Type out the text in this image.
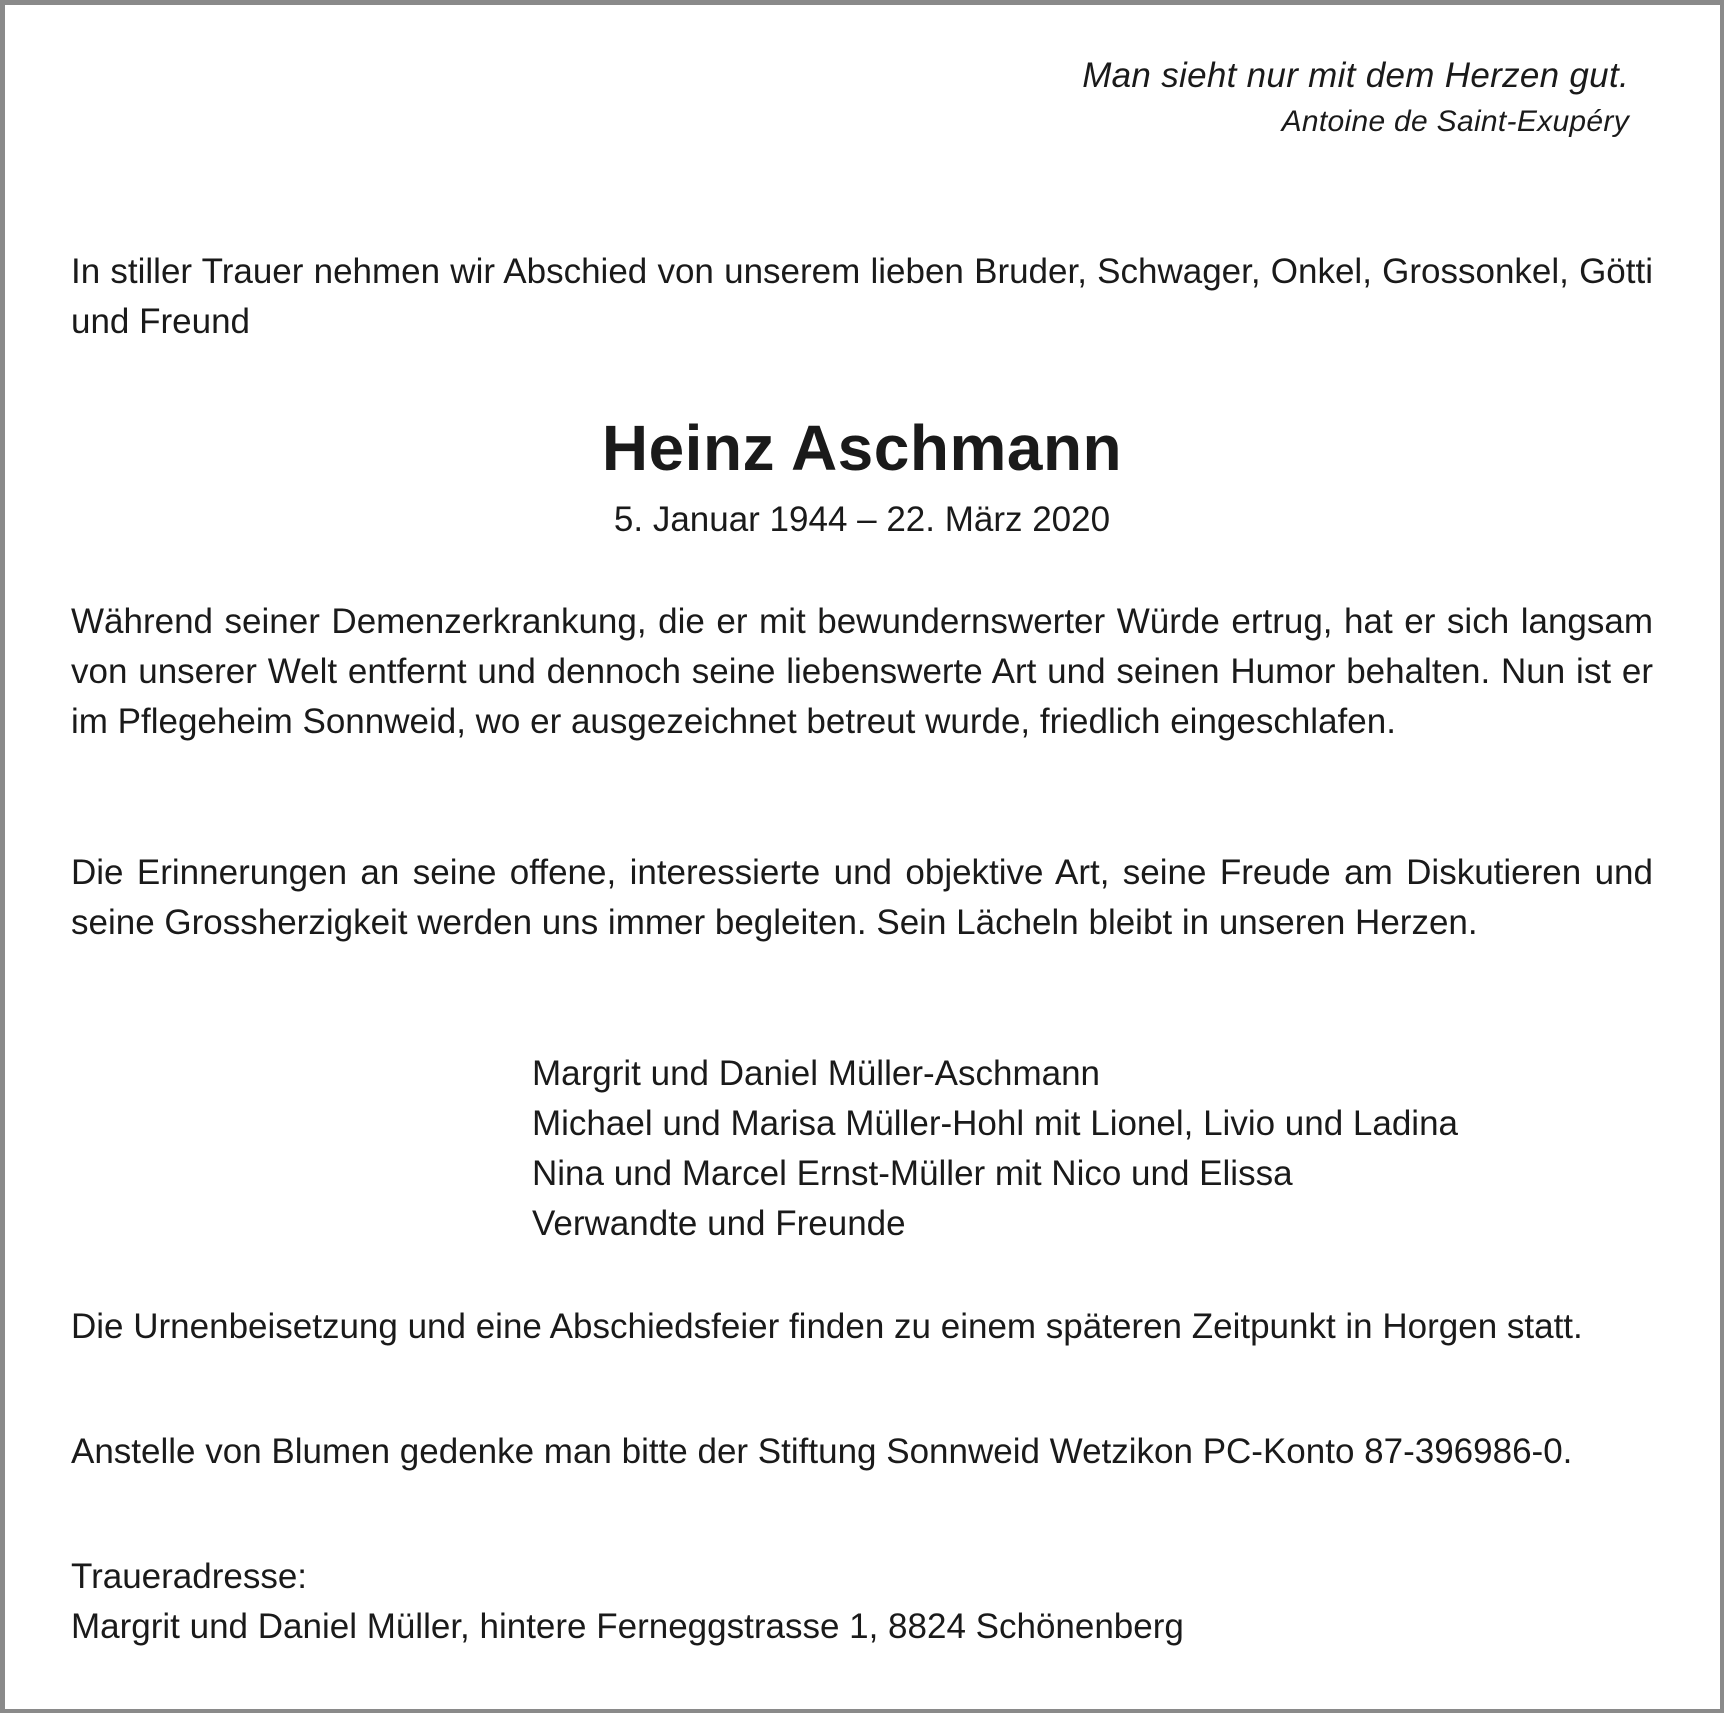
Man sieht nur mit dem Herzen gut.
Antoine de Saint-Exupéry
In stiller Trauer nehmen wir Abschied von unserem lieben Bruder, Schwager, Onkel, Grossonkel, Götti und Freund
Heinz Aschmann
5. Januar 1944 – 22. März 2020
Während seiner Demenzerkrankung, die er mit bewundernswerter Würde ertrug, hat er sich langsam von unserer Welt entfernt und dennoch seine liebenswerte Art und seinen Humor behalten. Nun ist er im Pflegeheim Sonnweid, wo er ausgezeichnet betreut wurde, friedlich eingeschlafen.
Die Erinnerungen an seine offene, interessierte und objektive Art, seine Freude am Diskutieren und seine Grossherzigkeit werden uns immer begleiten. Sein Lächeln bleibt in unseren Herzen.
Margrit und Daniel Müller-Aschmann
Michael und Marisa Müller-Hohl mit Lionel, Livio und Ladina
Nina und Marcel Ernst-Müller mit Nico und Elissa
Verwandte und Freunde
Die Urnenbeisetzung und eine Abschiedsfeier finden zu einem späteren Zeitpunkt in Horgen statt.
Anstelle von Blumen gedenke man bitte der Stiftung Sonnweid Wetzikon PC-Konto 87-396986-0.
Traueradresse:
Margrit und Daniel Müller, hintere Ferneggstrasse 1, 8824 Schönenberg
